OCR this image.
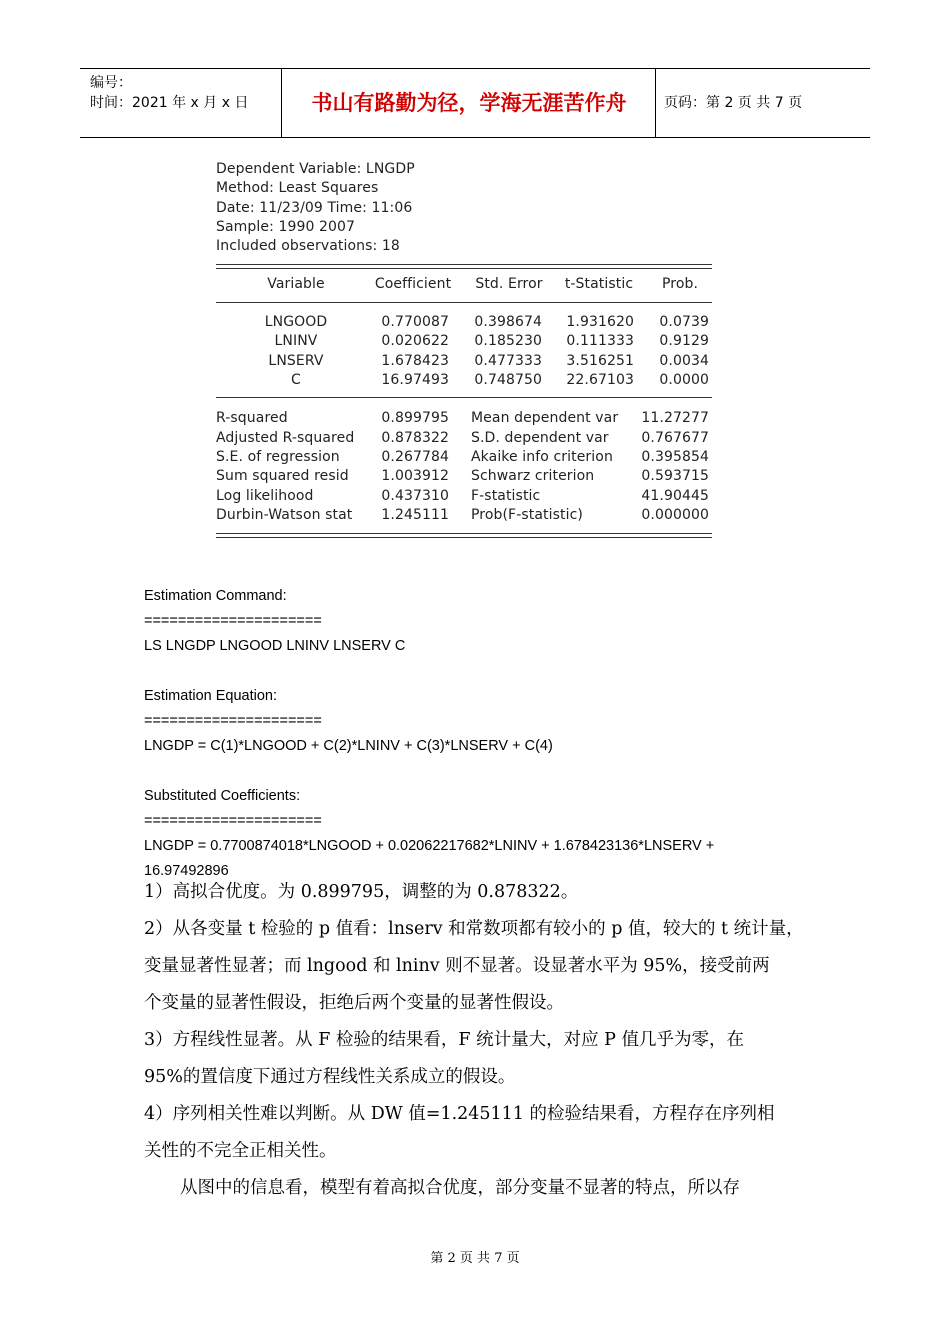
编号：
时间：2021 年 x 月 x 日	书山有路勤为径，学海无涯苦作舟	页码：第 2 页 共 7 页
Dependent Variable: LNGDP
Method: Least Squares
Date: 11/23/09 Time: 11:06
Sample: 1990 2007
Included observations: 18
Variable	Coefficient	Std. Error	t-Statistic	Prob.
LNGOOD	0.770087	0.398674	1.931620	0.0739
LNINV	0.020622	0.185230	0.111333	0.9129
LNSERV	1.678423	0.477333	3.516251	0.0034
C	16.97493	0.748750	22.67103	0.0000
R-squared	0.899795 Mean dependent var	11.27277
Adjusted R-squared	0.878322 S.D. dependent var	0.767677
S.E. of regression	0.267784 Akaike info criterion	0.395854
Sum squared resid	1.003912 Schwarz criterion	0.593715
Log likelihood	0.437310 F-statistic	41.90445
Durbin-Watson stat	1.245111 Prob(F-statistic)	0.000000
Estimation Command:
=====================
LS LNGDP LNGOOD LNINV LNSERV C
Estimation Equation:
=====================
LNGDP = C(1)*LNGOOD + C(2)*LNINV + C(3)*LNSERV + C(4)
Substituted Coefficients:
=====================
LNGDP = 0.7700874018*LNGOOD + 0.02062217682*LNINV + 1.678423136*LNSERV +
16.97492896
1）高拟合优度。为 0.899795，调整的为 0.878322。
2）从各变量 t 检验的 p 值看：lnserv 和常数项都有较小的 p 值，较大的 t 统计量，
变量显著性显著；而 lngood 和 lninv 则不显著。设显著水平为 95%，接受前两
个变量的显著性假设，拒绝后两个变量的显著性假设。
3）方程线性显著。从 F 检验的结果看，F 统计量大，对应 P 值几乎为零，在
95%的置信度下通过方程线性关系成立的假设。
4）序列相关性难以判断。从 DW 值=1.245111 的检验结果看，方程存在序列相
关性的不完全正相关性。
从图中的信息看，模型有着高拟合优度，部分变量不显著的特点，所以存
第 2 页 共 7 页
